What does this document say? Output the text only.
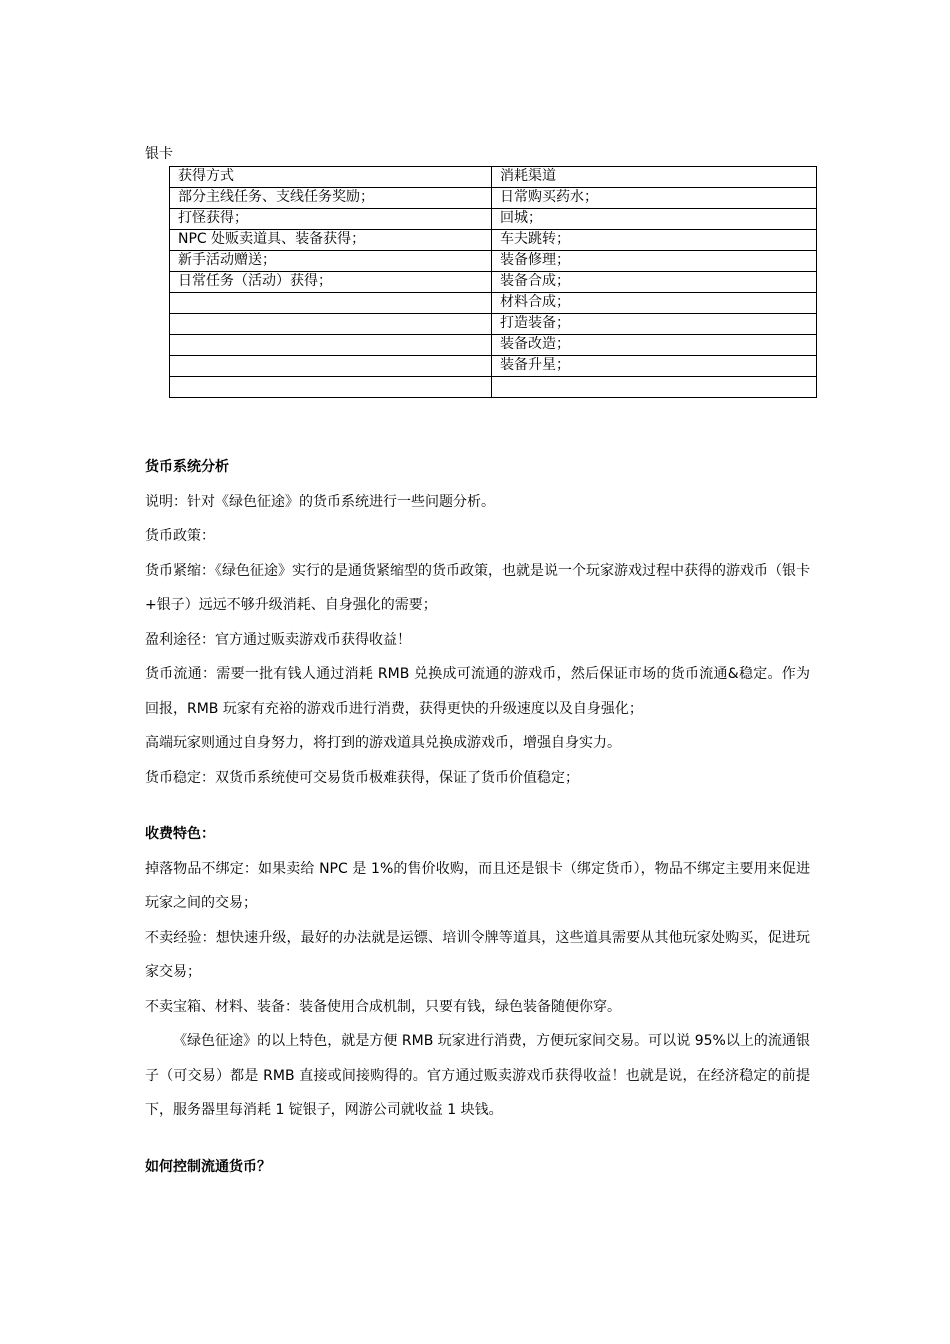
银卡
获得方式	消耗渠道
部分主线任务、支线任务奖励；	日常购买药水；
打怪获得；	回城；
NPC 处贩卖道具、装备获得；	车夫跳转；
新手活动赠送；	装备修理；
日常任务（活动）获得；	装备合成；
	材料合成；
	打造装备；
	装备改造；
	装备升星；

货币系统分析

说明：针对《绿色征途》的货币系统进行一些问题分析。

货币政策：

货币紧缩：《绿色征途》实行的是通货紧缩型的货币政策，也就是说一个玩家游戏过程中获得的游戏币（银卡+银子）远远不够升级消耗、自身强化的需要；

盈利途径：官方通过贩卖游戏币获得收益！

货币流通：需要一批有钱人通过消耗 RMB 兑换成可流通的游戏币，然后保证市场的货币流通&稳定。作为回报，RMB 玩家有充裕的游戏币进行消费，获得更快的升级速度以及自身强化；

高端玩家则通过自身努力，将打到的游戏道具兑换成游戏币，增强自身实力。

货币稳定：双货币系统使可交易货币极难获得，保证了货币价值稳定；

收费特色：

掉落物品不绑定：如果卖给 NPC 是 1%的售价收购，而且还是银卡（绑定货币），物品不绑定主要用来促进玩家之间的交易；

不卖经验：想快速升级，最好的办法就是运镖、培训令牌等道具，这些道具需要从其他玩家处购买，促进玩家交易；

不卖宝箱、材料、装备：装备使用合成机制，只要有钱，绿色装备随便你穿。

《绿色征途》的以上特色，就是方便 RMB 玩家进行消费，方便玩家间交易。可以说 95%以上的流通银子（可交易）都是 RMB 直接或间接购得的。官方通过贩卖游戏币获得收益！也就是说，在经济稳定的前提下，服务器里每消耗 1 锭银子，网游公司就收益 1 块钱。

如何控制流通货币？
